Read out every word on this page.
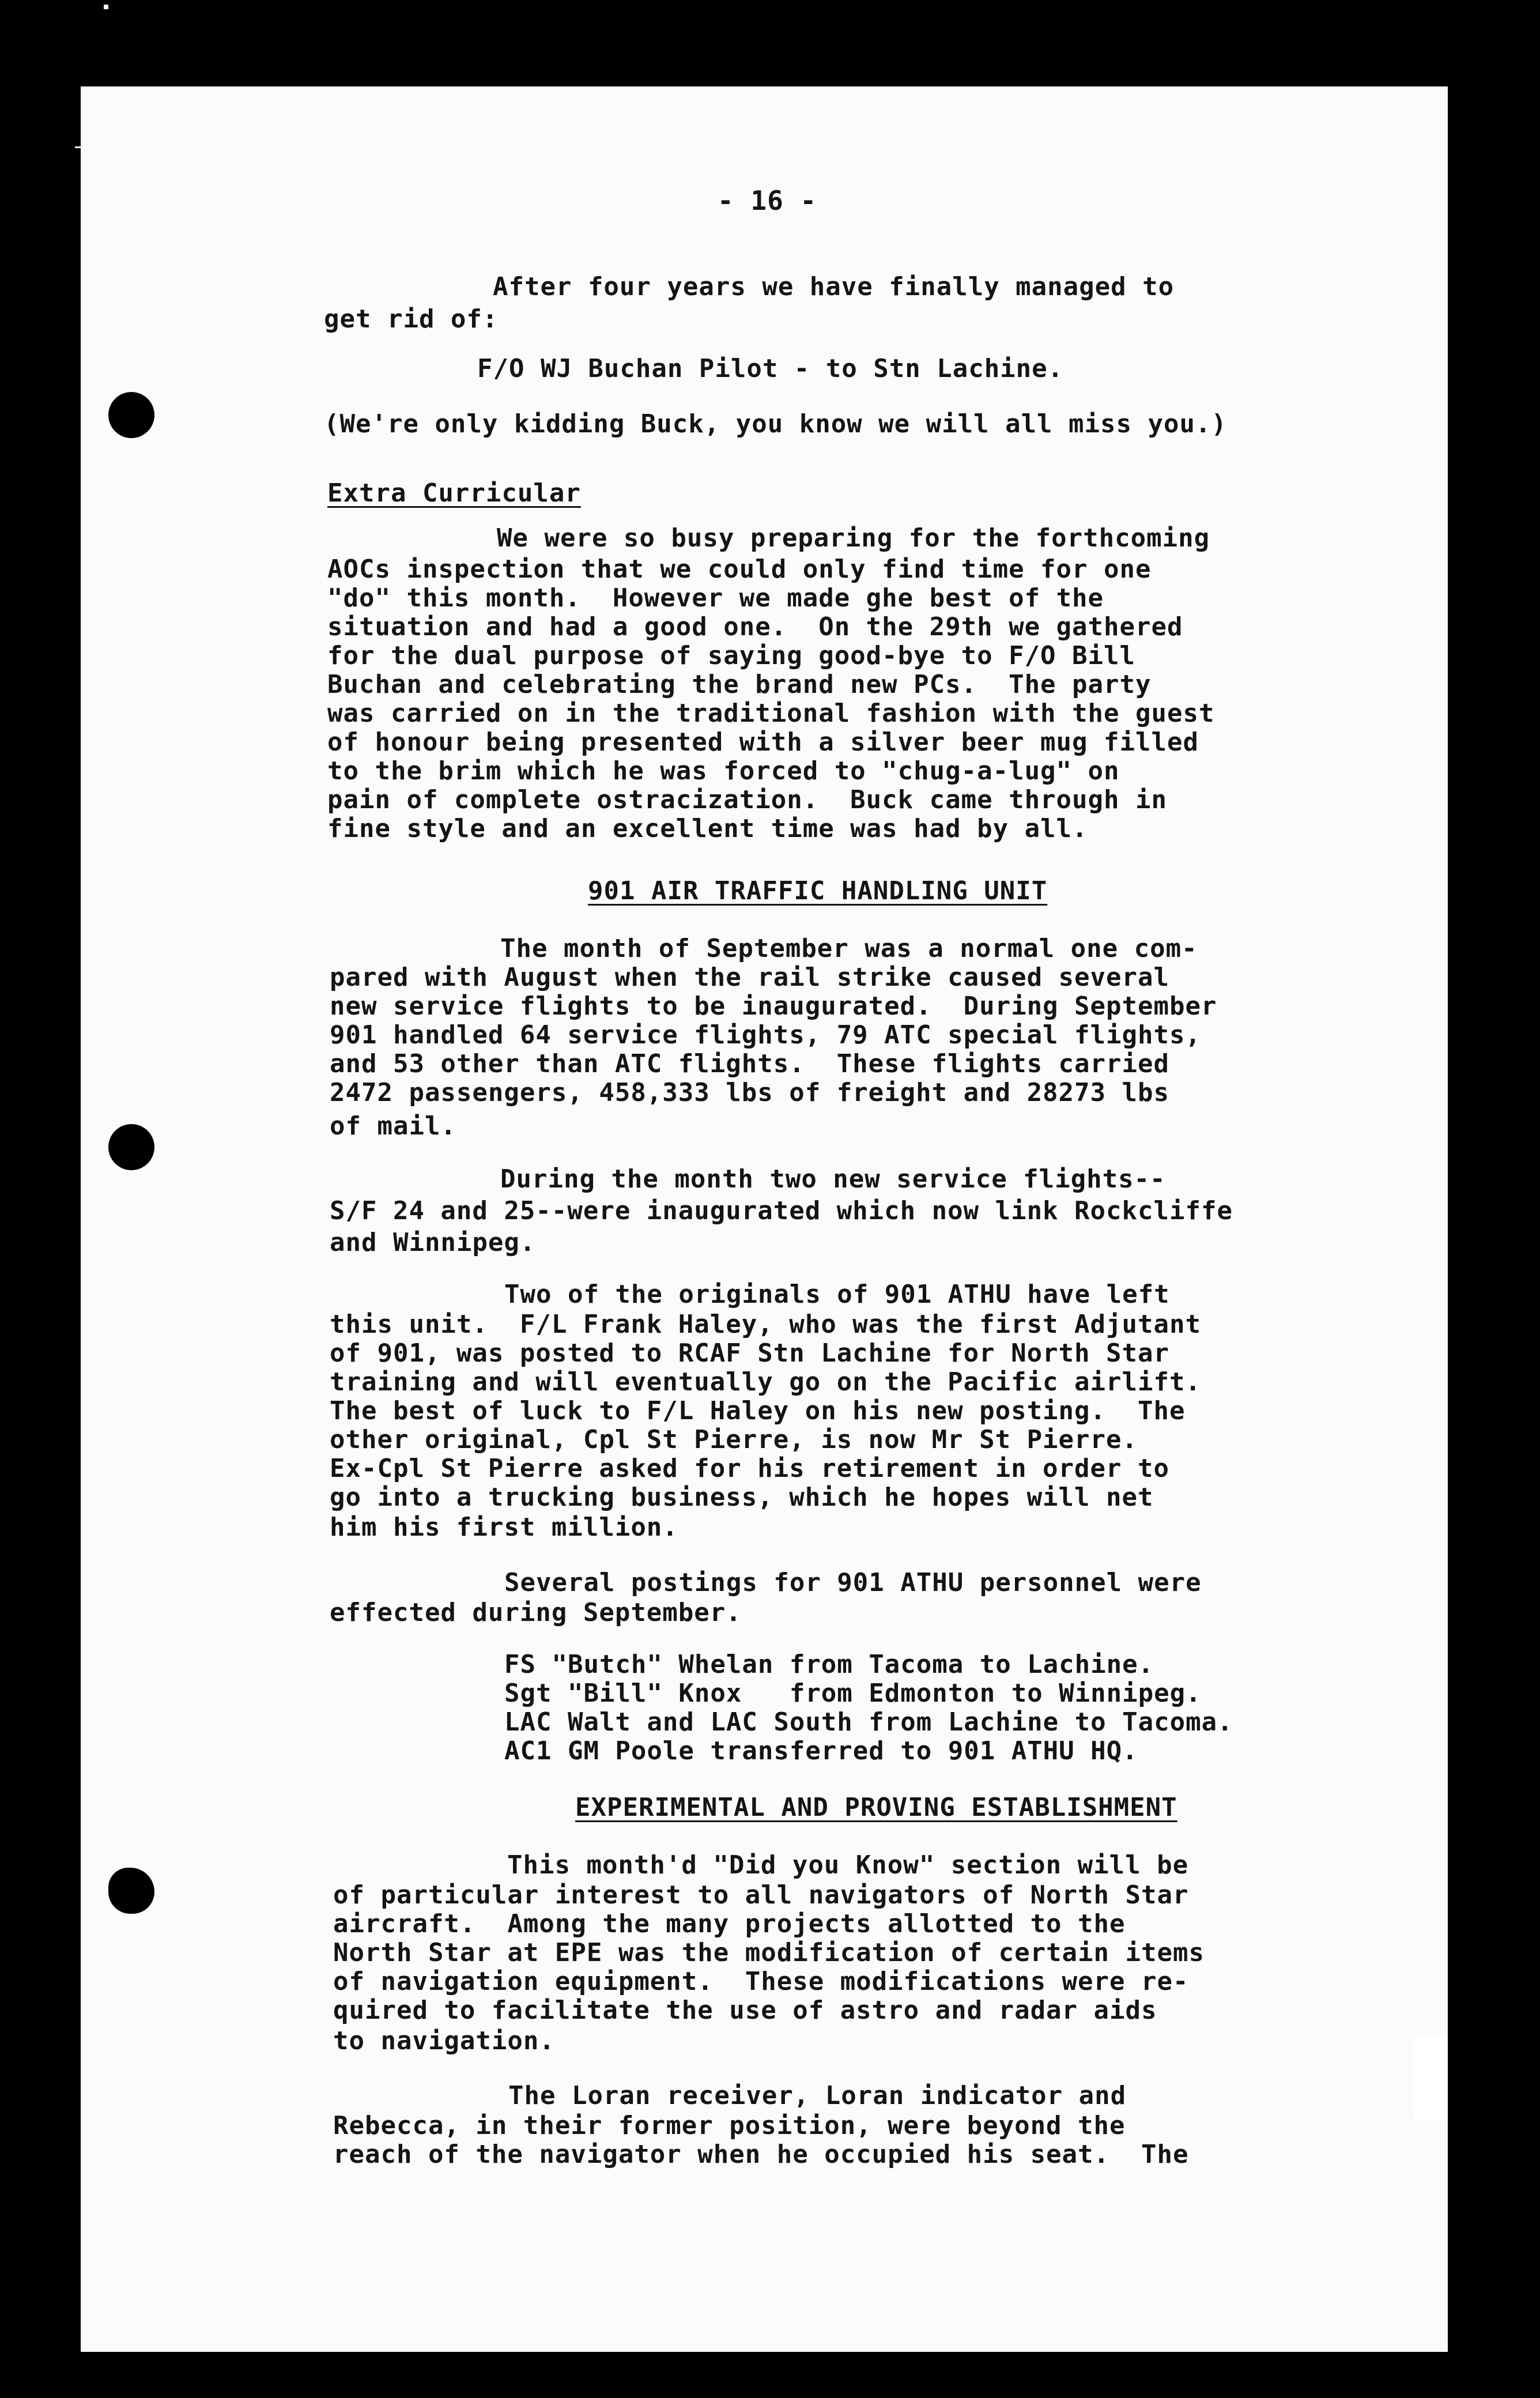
- 16 -
After four years we have finally managed to
get rid of:
F/O WJ Buchan Pilot - to Stn Lachine.
(We're only kidding Buck, you know we will all miss you.)
Extra Curricular
We were so busy preparing for the forthcoming
AOCs inspection that we could only find time for one
"do" this month.  However we made ghe best of the
situation and had a good one.  On the 29th we gathered
for the dual purpose of saying good-bye to F/O Bill
Buchan and celebrating the brand new PCs.  The party
was carried on in the traditional fashion with the guest
of honour being presented with a silver beer mug filled
to the brim which he was forced to "chug-a-lug" on
pain of complete ostracization.  Buck came through in
fine style and an excellent time was had by all.
901 AIR TRAFFIC HANDLING UNIT
The month of September was a normal one com-
pared with August when the rail strike caused several
new service flights to be inaugurated.  During September
901 handled 64 service flights, 79 ATC special flights,
and 53 other than ATC flights.  These flights carried
2472 passengers, 458,333 lbs of freight and 28273 lbs
of mail.
During the month two new service flights--
S/F 24 and 25--were inaugurated which now link Rockcliffe
and Winnipeg.
Two of the originals of 901 ATHU have left
this unit.  F/L Frank Haley, who was the first Adjutant
of 901, was posted to RCAF Stn Lachine for North Star
training and will eventually go on the Pacific airlift.
The best of luck to F/L Haley on his new posting.  The
other original, Cpl St Pierre, is now Mr St Pierre.
Ex-Cpl St Pierre asked for his retirement in order to
go into a trucking business, which he hopes will net
him his first million.
Several postings for 901 ATHU personnel were
effected during September.
FS "Butch" Whelan from Tacoma to Lachine.
Sgt "Bill" Knox   from Edmonton to Winnipeg.
LAC Walt and LAC South from Lachine to Tacoma.
AC1 GM Poole transferred to 901 ATHU HQ.
EXPERIMENTAL AND PROVING ESTABLISHMENT
This month'd "Did you Know" section will be
of particular interest to all navigators of North Star
aircraft.  Among the many projects allotted to the
North Star at EPE was the modification of certain items
of navigation equipment.  These modifications were re-
quired to facilitate the use of astro and radar aids
to navigation.
The Loran receiver, Loran indicator and
Rebecca, in their former position, were beyond the
reach of the navigator when he occupied his seat.  The
